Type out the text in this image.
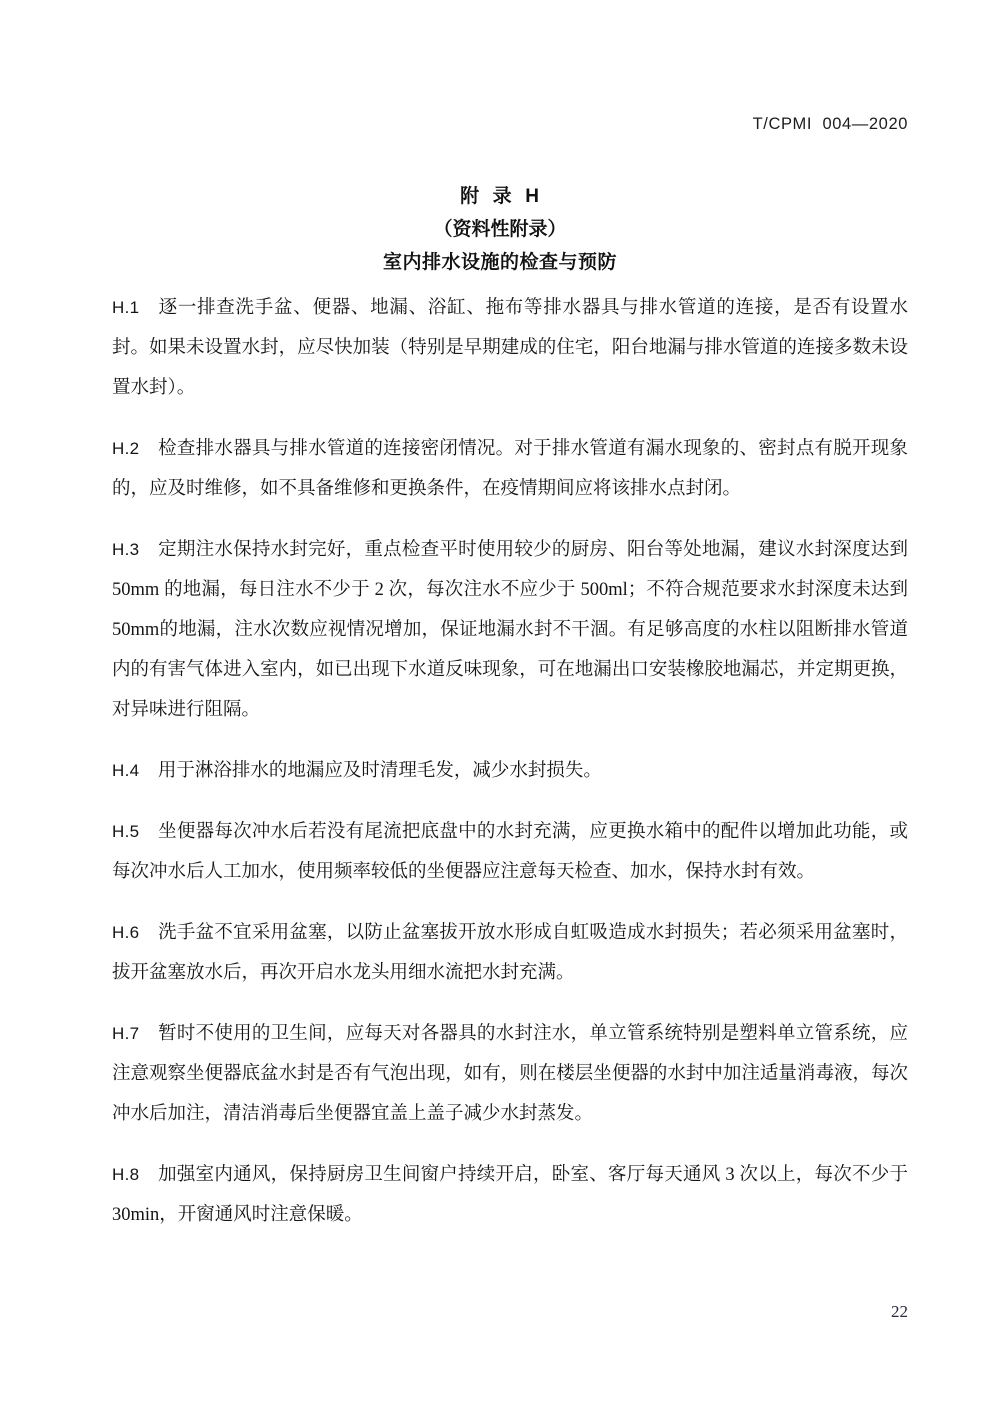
T/CPMI  004—2020
附  录  H
（资料性附录）
室内排水设施的检查与预防

H.1   逐一排查洗手盆、便器、地漏、浴缸、拖布等排水器具与排水管道的连接，是否有设置水封。如果未设置水封，应尽快加装（特别是早期建成的住宅，阳台地漏与排水管道的连接多数未设置水封）。

H.2   检查排水器具与排水管道的连接密闭情况。对于排水管道有漏水现象的、密封点有脱开现象的，应及时维修，如不具备维修和更换条件，在疫情期间应将该排水点封闭。

H.3   定期注水保持水封完好，重点检查平时使用较少的厨房、阳台等处地漏，建议水封深度达到 50mm 的地漏，每日注水不少于 2 次，每次注水不应少于 500ml；不符合规范要求水封深度未达到 50mm的地漏，注水次数应视情况增加，保证地漏水封不干涸。有足够高度的水柱以阻断排水管道内的有害气体进入室内，如已出现下水道反味现象，可在地漏出口安装橡胶地漏芯，并定期更换，对异味进行阻隔。

H.4   用于淋浴排水的地漏应及时清理毛发，减少水封损失。

H.5   坐便器每次冲水后若没有尾流把底盘中的水封充满，应更换水箱中的配件以增加此功能，或每次冲水后人工加水，使用频率较低的坐便器应注意每天检查、加水，保持水封有效。

H.6   洗手盆不宜采用盆塞，以防止盆塞拔开放水形成自虹吸造成水封损失；若必须采用盆塞时，拔开盆塞放水后，再次开启水龙头用细水流把水封充满。

H.7   暂时不使用的卫生间，应每天对各器具的水封注水，单立管系统特别是塑料单立管系统，应注意观察坐便器底盆水封是否有气泡出现，如有，则在楼层坐便器的水封中加注适量消毒液，每次冲水后加注，清洁消毒后坐便器宜盖上盖子减少水封蒸发。

H.8   加强室内通风，保持厨房卫生间窗户持续开启，卧室、客厅每天通风 3 次以上，每次不少于 30min，开窗通风时注意保暖。

22
